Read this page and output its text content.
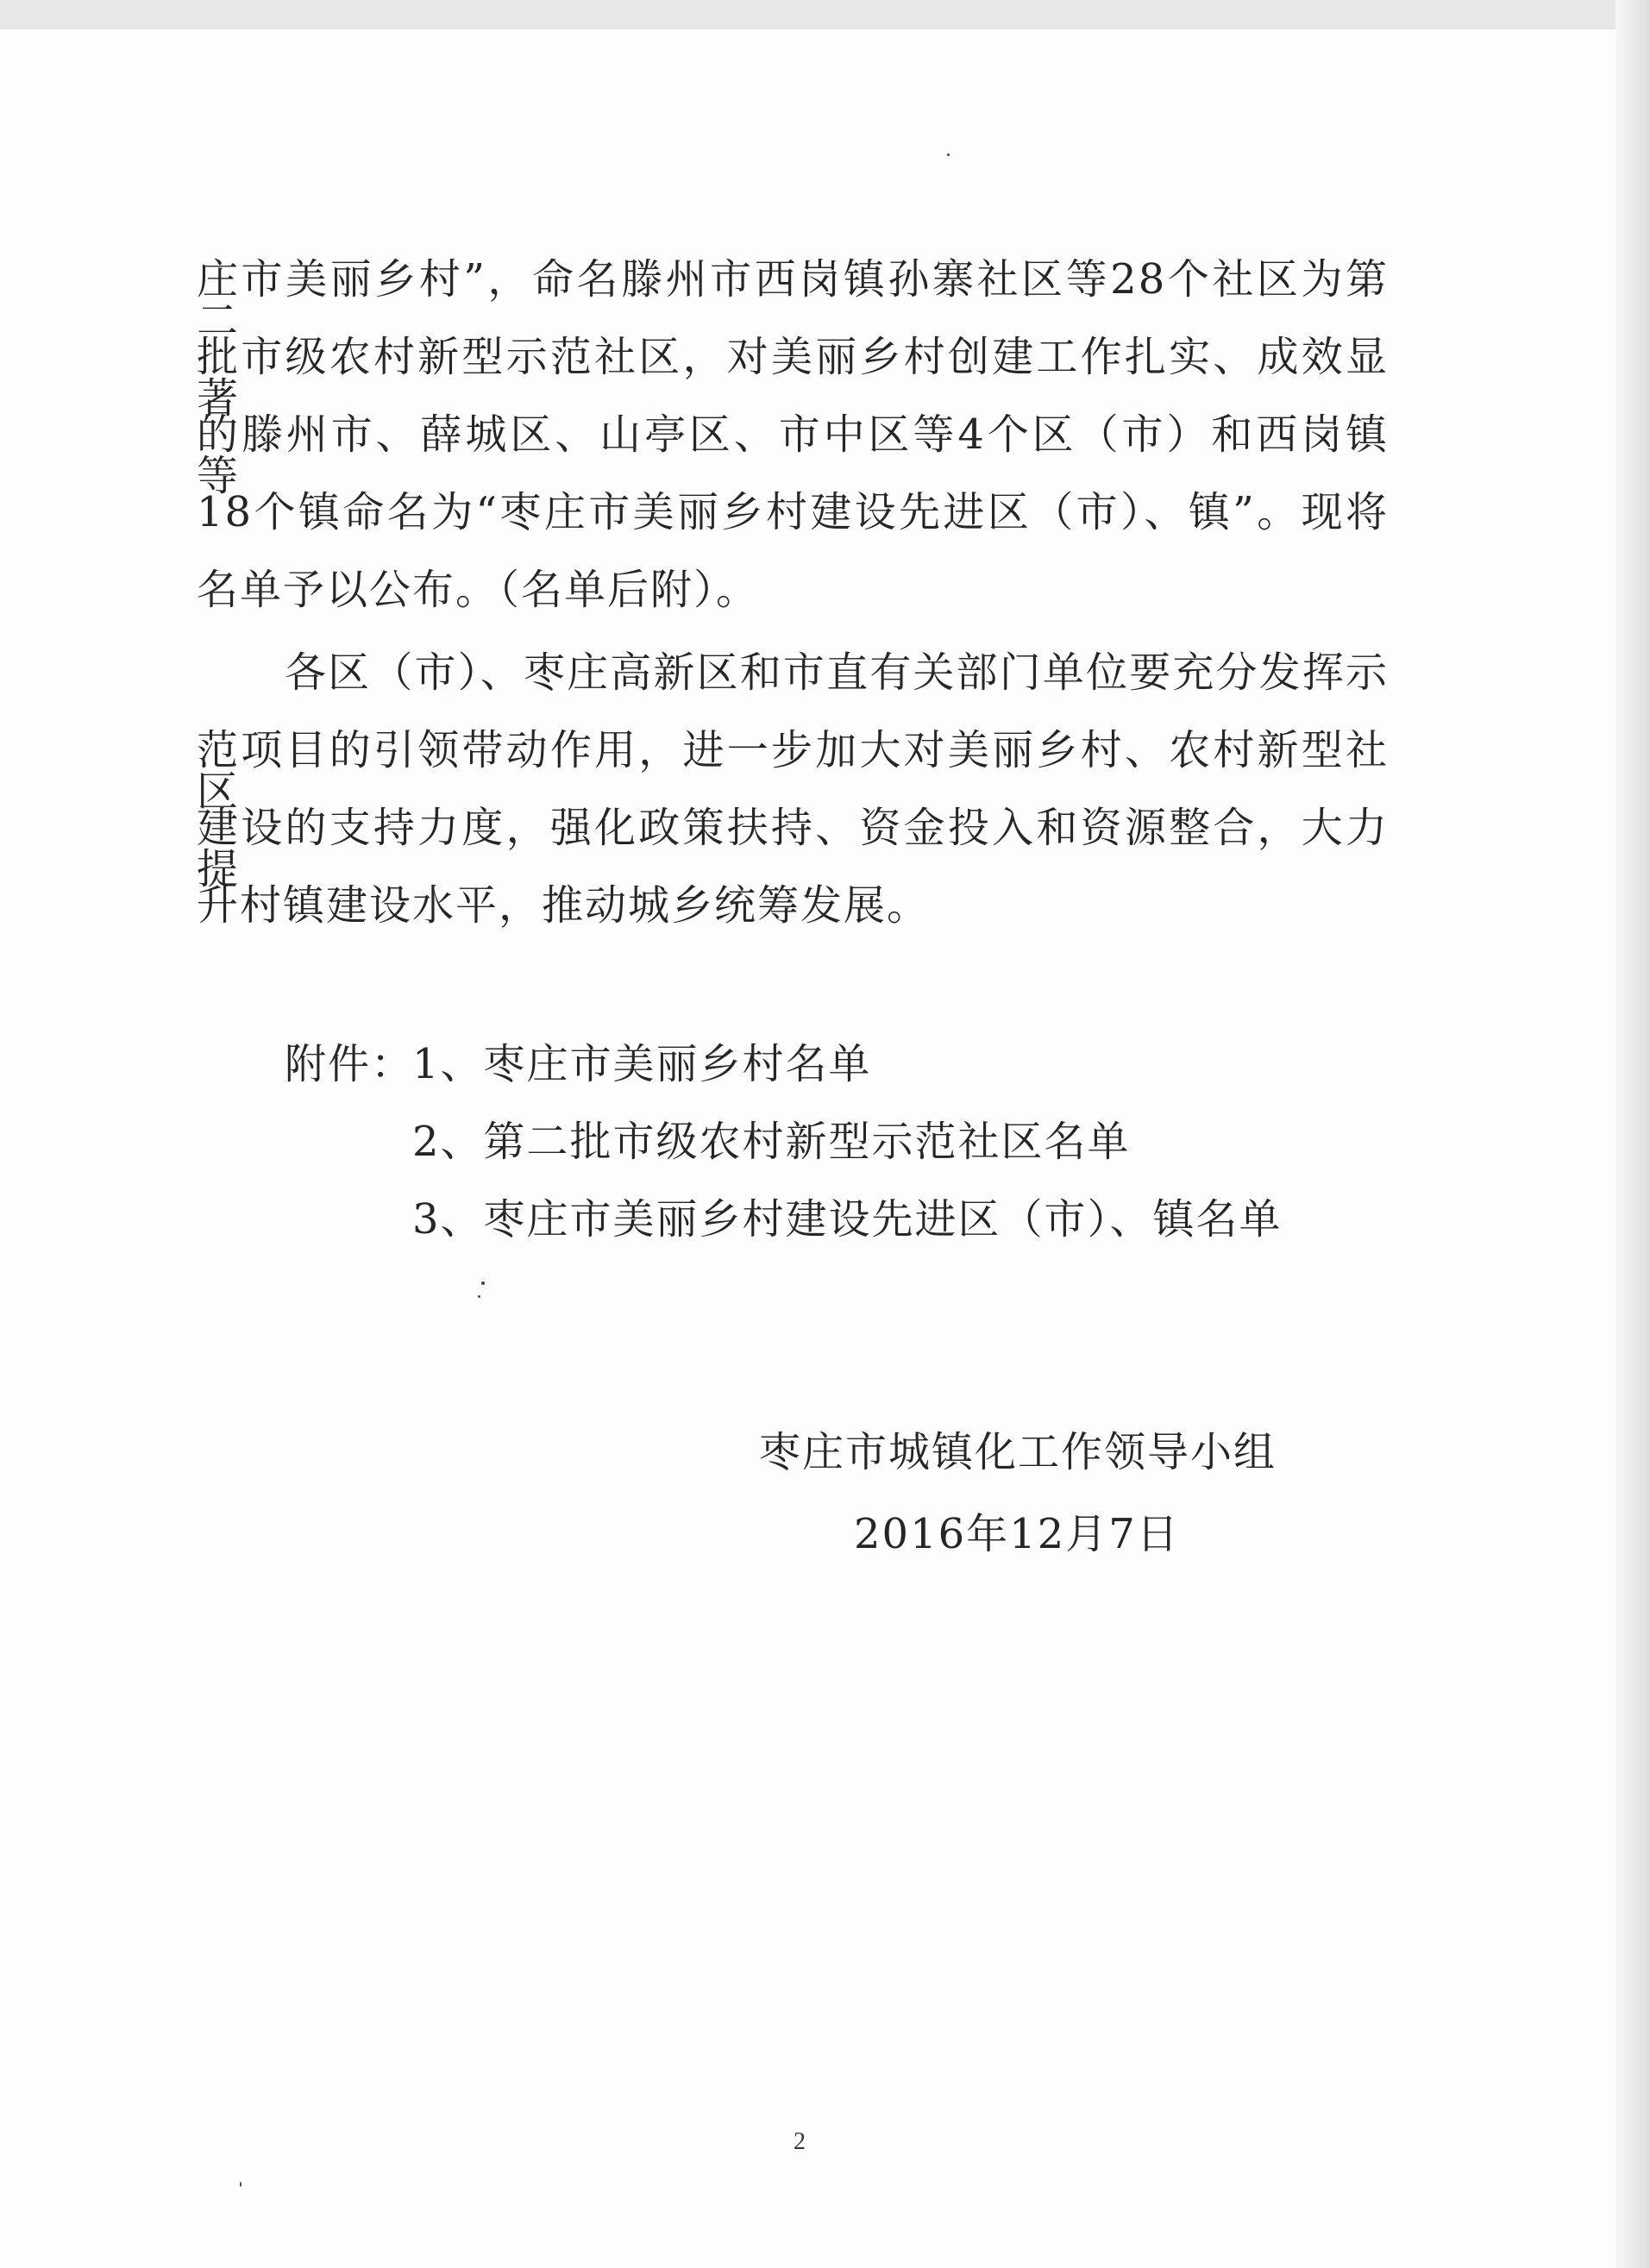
庄市美丽乡村”，命名滕州市西岗镇孙寨社区等28个社区为第二
批市级农村新型示范社区，对美丽乡村创建工作扎实、成效显著
的滕州市、薛城区、山亭区、市中区等4个区（市）和西岗镇等
18个镇命名为“枣庄市美丽乡村建设先进区（市）、镇”。现将
名单予以公布。（名单后附）。
各区（市）、枣庄高新区和市直有关部门单位要充分发挥示
范项目的引领带动作用，进一步加大对美丽乡村、农村新型社区
建设的支持力度，强化政策扶持、资金投入和资源整合，大力提
升村镇建设水平，推动城乡统筹发展。
附件：
1、枣庄市美丽乡村名单
2、第二批市级农村新型示范社区名单
3、枣庄市美丽乡村建设先进区（市）、镇名单
枣庄市城镇化工作领导小组
2016年12月7日
2
